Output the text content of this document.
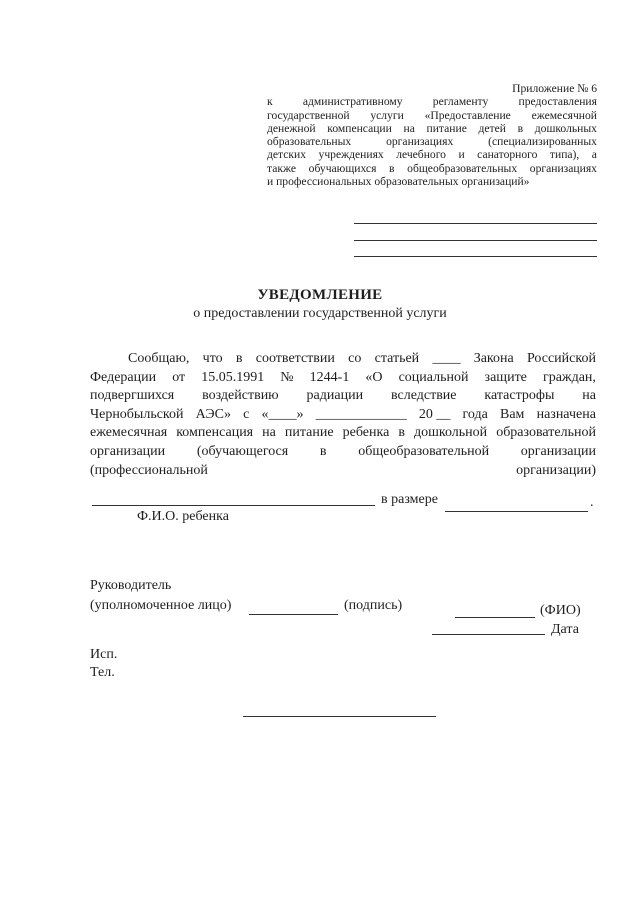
Приложение № 6
к	административному	регламенту	предоставления
государственной услуги «Предоставление ежемесячной
денежной компенсации на питание детей в дошкольных
образовательных	организациях	(специализированных
детских учреждениях лечебного и санаторного типа), а
также обучающихся в общеобразовательных организациях
и профессиональных образовательных организаций»
УВЕДОМЛЕНИЕ
о предоставлении государственной услуги
Сообщаю, что в соответствии со статьей ____ Закона Российской
Федерации от 15.05.1991 № 1244-1 «О социальной защите граждан,
подвергшихся воздействию радиации вследствие катастрофы на
Чернобыльской АЭС» с «____» _____________ 20 __ года Вам назначена
ежемесячная компенсация на питание ребенка в дошкольной образовательной
организации (обучающегося в общеобразовательной организации
(профессиональной	организации)
в размере	.
Ф.И.О. ребенка
Руководитель
(уполномоченное лицо)	(подпись)	(ФИО)
Дата
Исп.
Тел.
